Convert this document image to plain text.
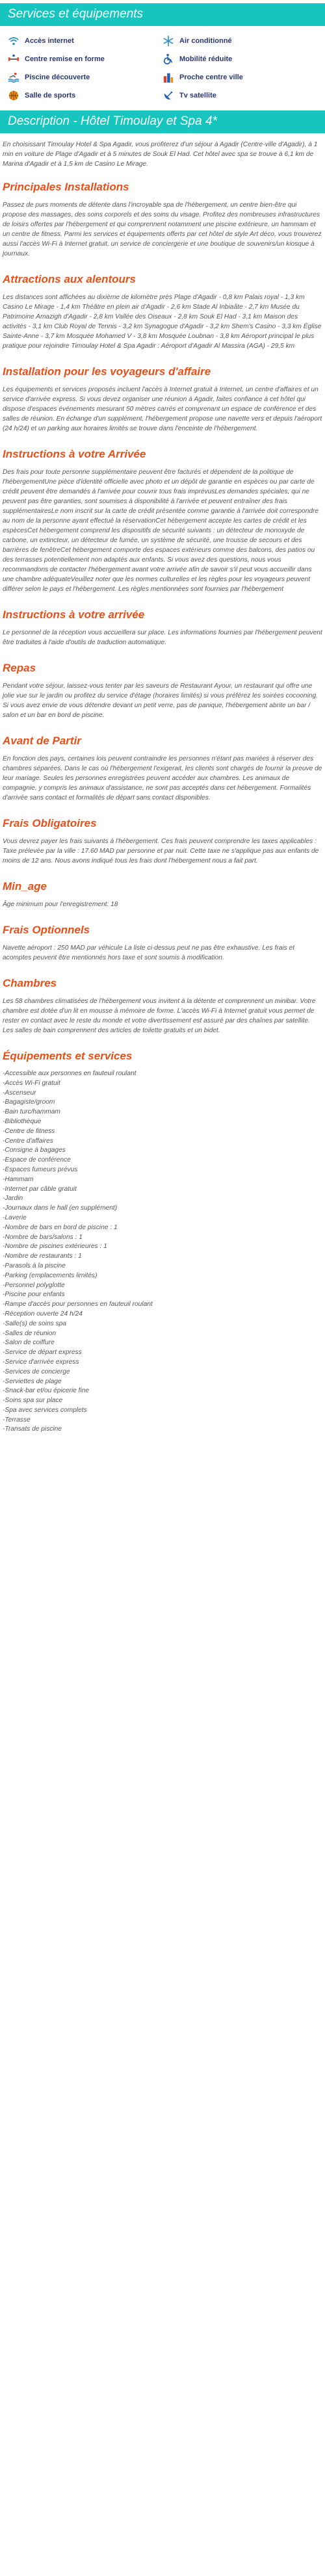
Services et équipements
Accès internet	Air conditionné
Centre remise en forme	Mobilité réduite
Piscine découverte	Proche centre ville
Salle de sports	Tv satellite
Description - Hôtel Timoulay et Spa 4*

En choisissant Timoulay Hotel & Spa Agadir, vous profiterez d'un séjour à Agadir (Centre-ville d'Agadir), à 1 min en voiture de Plage d'Agadir et à 5 minutes de Souk El Had. Cet hôtel avec spa se trouve à 6,1 km de Marina d'Agadir et à 1,5 km de Casino Le Mirage.

Principales Installations

Passez de purs moments de détente dans l'incroyable spa de l'hébergement, un centre bien-être qui propose des massages, des soins corporels et des soins du visage. Profitez des nombreuses infrastructures de loisirs offertes par l'hébergement et qui comprennent notamment une piscine extérieure, un hammam et un centre de fitness. Parmi les services et équipements offerts par cet hôtel de style Art déco, vous trouverez aussi l'accès Wi-Fi à Internet gratuit, un service de conciergerie et une boutique de souvenirs/un kiosque à journaux.

Attractions aux alentours

Les distances sont affichées au dixième de kilomètre près Plage d'Agadir - 0,8 km Palais royal - 1,3 km Casino Le Mirage - 1,4 km Théâtre en plein air d'Agadir - 2,6 km Stade Al Inbiaâte - 2,7 km Musée du Patrimoine Amazigh d'Agadir - 2,8 km Vallée des Oiseaux - 2,8 km Souk El Had - 3,1 km Maison des activités - 3,1 km Club Royal de Tennis - 3,2 km Synagogue d'Agadir - 3,2 km Shem's Casino - 3,3 km Église Sainte-Anne - 3,7 km Mosquée Mohamed V - 3,8 km Mosquée Loubnan - 3,8 km Aéroport principal le plus pratique pour rejoindre Timoulay Hotel & Spa Agadir : Aéroport d'Agadir Al Massira (AGA) - 29,5 km

Installation pour les voyageurs d'affaire

Les équipements et services proposés incluent l'accès à Internet gratuit à Internet, un centre d'affaires et un service d'arrivée express. Si vous devez organiser une réunion à Agadir, faites confiance à cet hôtel qui dispose d'espaces événements mesurant 50 mètres carrés et comprenant un espace de conférence et des salles de réunion. En échange d'un supplément, l'hébergement propose une navette vers et depuis l'aéroport (24 h/24) et un parking aux horaires limités se trouve dans l'enceinte de l'hébergement.

Instructions à votre Arrivée

Des frais pour toute personne supplémentaire peuvent être facturés et dépendent de la politique de l'hébergementUne pièce d'identité officielle avec photo et un dépôt de garantie en espèces ou par carte de crédit peuvent être demandés à l'arrivée pour couvrir tous frais imprévusLes demandes spéciales, qui ne peuvent pas être garanties, sont soumises à disponibilité à l'arrivée et peuvent entraîner des frais supplémentairesLe nom inscrit sur la carte de crédit présentée comme garantie à l'arrivée doit correspondre au nom de la personne ayant effectué la réservationCet hébergement accepte les cartes de crédit et les espècesCet hébergement comprend les dispositifs de sécurité suivants : un détecteur de monoxyde de carbone, un extincteur, un détecteur de fumée, un système de sécurité, une trousse de secours et des barrières de fenêtreCet hébergement comporte des espaces extérieurs comme des balcons, des patios ou des terrasses potentiellement non adaptés aux enfants. Si vous avez des questions, nous vous recommandons de contacter l'hébergement avant votre arrivée afin de savoir s'il peut vous accueillir dans une chambre adéquateVeuillez noter que les normes culturelles et les règles pour les voyageurs peuvent différer selon le pays et l'hébergement. Les règles mentionnées sont fournies par l'hébergement

Instructions à votre arrivée

Le personnel de la réception vous accueillera sur place. Les informations fournies par l'hébergement peuvent être traduites à l'aide d'outils de traduction automatique.

Repas

Pendant votre séjour, laissez-vous tenter par les saveurs de Restaurant Ayour, un restaurant qui offre une jolie vue sur le jardin ou profitez du service d'étage (horaires limités) si vous préférez les soirées cocooning. Si vous avez envie de vous détendre devant un petit verre, pas de panique, l'hébergement abrite un bar / salon et un bar en bord de piscine.

Avant de Partir

En fonction des pays, certaines lois peuvent contraindre les personnes n'étant pas mariées à réserver des chambres séparées. Dans le cas où l'hébergement l'exigerait, les clients sont chargés de fournir la preuve de leur mariage. Seules les personnes enregistrées peuvent accéder aux chambres. Les animaux de compagnie, y compris les animaux d'assistance, ne sont pas acceptés dans cet hébergement. Formalités d'arrivée sans contact et formalités de départ sans contact disponibles.

Frais Obligatoires

Vous devrez payer les frais suivants à l'hébergement. Ces frais peuvent comprendre les taxes applicables : Taxe prélevée par la ville : 17.60 MAD par personne et par nuit. Cette taxe ne s'applique pas aux enfants de moins de 12 ans. Nous avons indiqué tous les frais dont l'hébergement nous a fait part.

Min_age

Âge minimum pour l'enregistrement: 18

Frais Optionnels

Navette aéroport : 250 MAD par véhicule La liste ci-dessus peut ne pas être exhaustive. Les frais et acomptes peuvent être mentionnés hors taxe et sont soumis à modification.

Chambres

Les 58 chambres climatisées de l'hébergement vous invitent à la détente et comprennent un minibar. Votre chambre est dotée d'un lit en mousse à mémoire de forme. L'accès Wi-Fi à Internet gratuit vous permet de rester en contact avec le reste du monde et votre divertissement est assuré par des chaînes par satellite. Les salles de bain comprennent des articles de toilette gratuits et un bidet.

Équipements et services
-Accessible aux personnes en fauteuil roulant
-Accès Wi-Fi gratuit
-Ascenseur
-Bagagiste/groom
-Bain turc/hammam
-Bibliothèque
-Centre de fitness
-Centre d'affaires
-Consigne à bagages
-Espace de conférence
-Espaces fumeurs prévus
-Hammam
-Internet par câble gratuit
-Jardin
-Journaux dans le hall (en supplément)
-Laverie
-Nombre de bars en bord de piscine : 1
-Nombre de bars/salons : 1
-Nombre de piscines extérieures : 1
-Nombre de restaurants : 1
-Parasols à la piscine
-Parking (emplacements limités)
-Personnel polyglotte
-Piscine pour enfants
-Rampe d'accès pour personnes en fauteuil roulant
-Réception ouverte 24 h/24
-Salle(s) de soins spa
-Salles de réunion
-Salon de coiffure
-Service de départ express
-Service d'arrivée express
-Services de concierge
-Serviettes de plage
-Snack-bar et/ou épicerie fine
-Soins spa sur place
-Spa avec services complets
-Terrasse
-Transats de piscine
